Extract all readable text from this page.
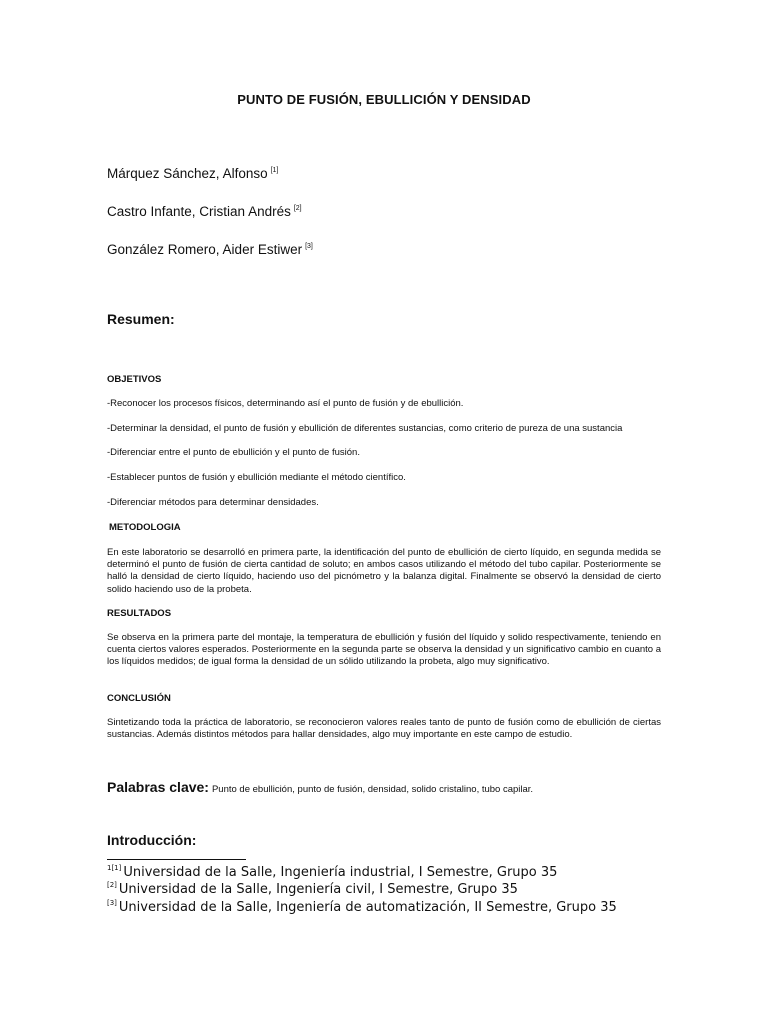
PUNTO DE FUSIÓN, EBULLICIÓN Y DENSIDAD
Márquez Sánchez, Alfonso [1]
Castro Infante, Cristian Andrés [2]
González Romero, Aider Estiwer [3]
Resumen:
OBJETIVOS
-Reconocer los procesos físicos, determinando así el punto de fusión y de ebullición.
-Determinar la densidad, el punto de fusión y ebullición de diferentes sustancias, como criterio de pureza de una sustancia
-Diferenciar entre el punto de ebullición y el punto de fusión.
-Establecer puntos de fusión y ebullición mediante el método científico.
-Diferenciar métodos para determinar densidades.
METODOLOGIA
En este laboratorio se desarrolló en primera parte, la identificación del punto de ebullición de cierto líquido, en segunda medida se determinó el punto de fusión de cierta cantidad de soluto; en ambos casos utilizando el método del tubo capilar. Posteriormente se halló la densidad de cierto líquido, haciendo uso del picnómetro y la balanza digital. Finalmente se observó la densidad de cierto solido haciendo uso de la probeta.
RESULTADOS
Se observa en la primera parte del montaje, la temperatura de ebullición y fusión del líquido y solido respectivamente, teniendo en cuenta ciertos valores esperados. Posteriormente en la segunda parte se observa la densidad y un significativo cambio en cuanto a los líquidos medidos; de igual forma la densidad de un sólido utilizando la probeta, algo muy significativo.
CONCLUSIÓN
Sintetizando toda la práctica de laboratorio, se reconocieron valores reales tanto de punto de fusión como de ebullición de ciertas sustancias. Además distintos métodos para hallar densidades, algo muy importante en este campo de estudio.
Palabras clave: Punto de ebullición, punto de fusión, densidad, solido cristalino, tubo capilar.
Introducción:
$^{1[1]}$ Universidad de la Salle, Ingeniería industrial, I Semestre, Grupo 35
[2] Universidad de la Salle, Ingeniería civil, I Semestre, Grupo 35
[3] Universidad de la Salle, Ingeniería de automatización, II Semestre, Grupo 35
